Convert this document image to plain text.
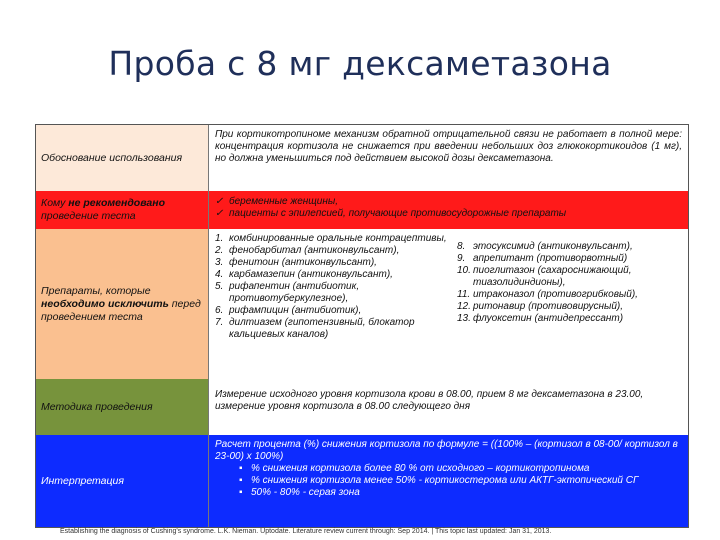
Проба с 8 мг дексаметазона
Обоснование использования
При кортикотропиноме механизм обратной отрицательной связи не работает в полной мере: концентрация кортизола не снижается при введении небольших доз глюкокортикоидов (1 мг), но должна уменьшиться под действием высокой дозы дексаметазона.
Кому не рекомендовано
проведение теста
✓ беременные женщины,
✓ пациенты с эпилепсией, получающие противосудорожные препараты
Препараты, которые необходимо исключить перед проведением теста
1. комбинированные оральные контрацептивы,
2. фенобарбитал (антиконвульсант),
3. фенитоин (антиконвульсант),
4. карбамазепин (антиконвульсант),
5. рифапентин (антибиотик, противотуберкулезное),
6. рифампицин (антибиотик),
7. дилтиазем (гипотензивный, блокатор кальциевых каналов)
8. этосуксимид (антиконвульсант),
9. апрепитант (противорвотный)
10. пиоглитазон (сахароснижающий, тиазолидиндионы),
11. итраконазол (противогрибковый),
12. ритонавир (противовирусный),
13. флуоксетин (антидепрессант)
Методика проведения
Измерение исходного уровня кортизола крови в 08.00, прием 8 мг дексаметазона в 23.00, измерение уровня кортизола в 08.00 следующего дня
Интерпретация
Расчет процента (%) снижения кортизола по формуле = ((100% – (кортизол в 08-00/ кортизол в 23-00) х 100%)
▪ % снижения кортизола более 80 % от исходного – кортикотропинома
▪ % снижения кортизола менее 50% - кортикостерома или АКТГ-эктопический СГ
▪ 50% - 80% - серая зона
Establishing the diagnosis of Cushing's syndrome. L.K. Nieman. Uptodate. Literature review current through: Sep 2014. | This topic last updated: Jan 31, 2013.
